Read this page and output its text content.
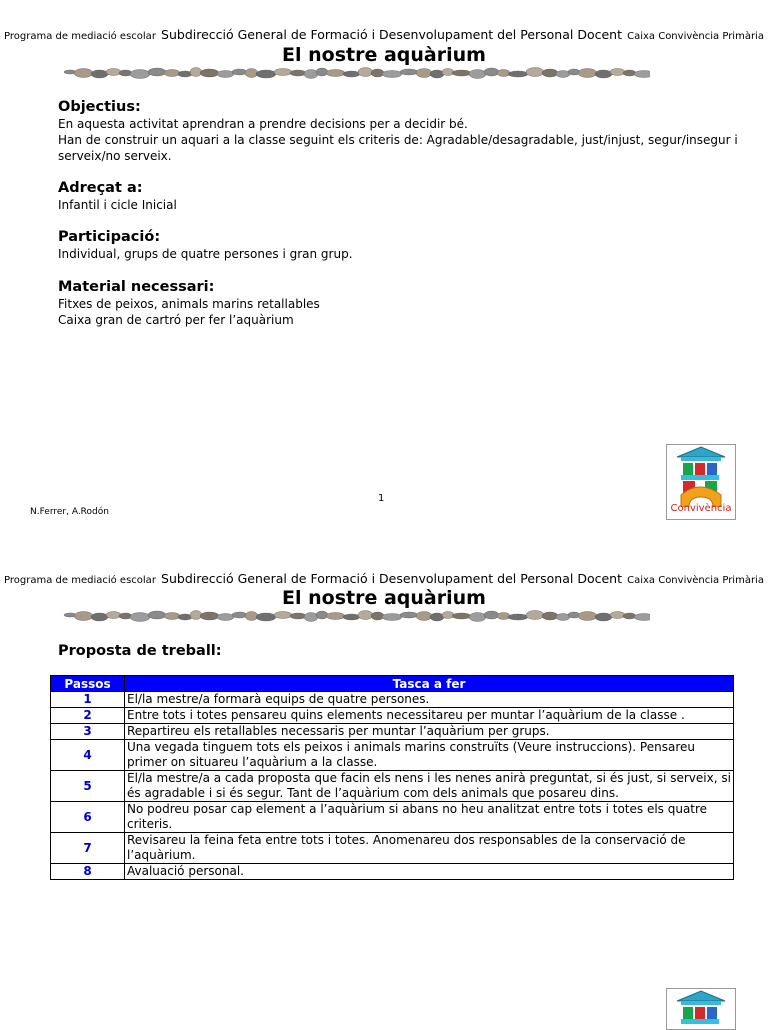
Programa de mediació escolar Subdirecció General de Formació i Desenvolupament del Personal Docent Caixa Convivència Primària
El nostre aquàrium
Objectius:
En aquesta activitat aprendran a prendre decisions per a decidir bé.
Han de construir un aquari a la classe seguint els criteris de: Agradable/desagradable, just/injust, segur/insegur i
serveix/no serveix.
Adreçat a:
Infantil i cicle Inicial
Participació:
Individual, grups de quatre persones i gran grup.
Material necessari:
Fitxes de peixos, animals marins retallables
Caixa gran de cartró per fer l’aquàrium
1
N.Ferrer, A.Rodón	Convivència
Programa de mediació escolar Subdirecció General de Formació i Desenvolupament del Personal Docent Caixa Convivència Primària
El nostre aquàrium
Proposta de treball:
Passos	Tasca a fer
1	El/la mestre/a formarà equips de quatre persones.
2	Entre tots i totes pensareu quins elements necessitareu per muntar l’aquàrium de la classe .
3	Repartireu els retallables necessaris per muntar l’aquàrium per grups.
4	Una vegada tinguem tots els peixos i animals marins construïts (Veure instruccions). Pensareu primer on situareu l’aquàrium a la classe.
5	El/la mestre/a a cada proposta que facin els nens i les nenes anirà preguntat, si és just, si serveix, si és agradable i si és segur. Tant de l’aquàrium com dels animals que posareu dins.
6	No podreu posar cap element a l’aquàrium si abans no heu analitzat entre tots i totes els quatre criteris.
7	Revisareu la feina feta entre tots i totes. Anomenareu dos responsables de la conservació de l’aquàrium.
8	Avaluació personal.
